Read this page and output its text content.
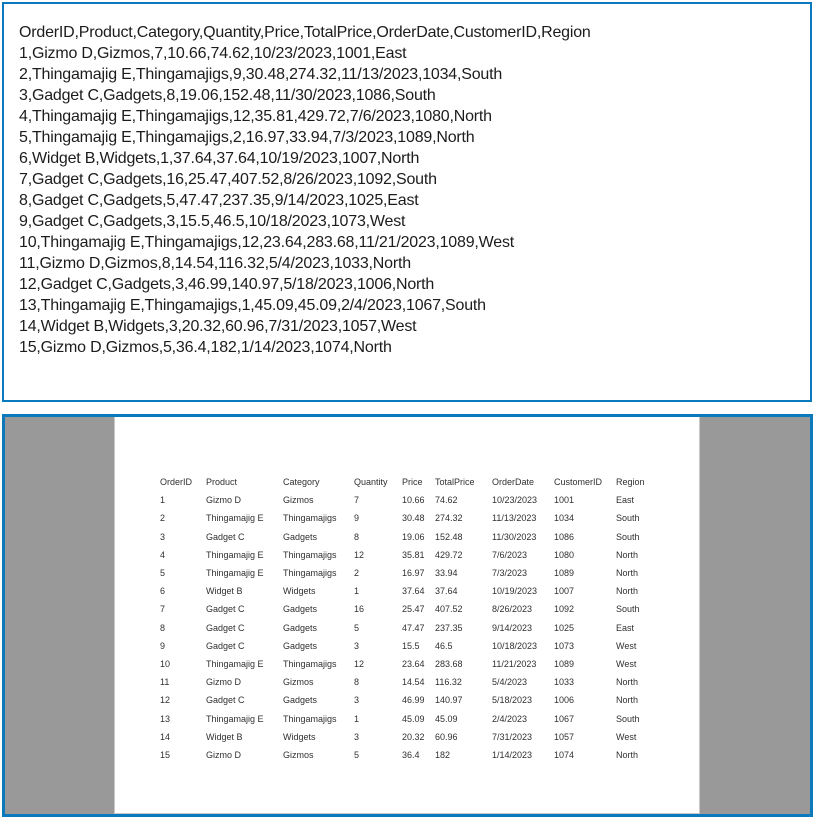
OrderID,Product,Category,Quantity,Price,TotalPrice,OrderDate,CustomerID,Region
1,Gizmo D,Gizmos,7,10.66,74.62,10/23/2023,1001,East
2,Thingamajig E,Thingamajigs,9,30.48,274.32,11/13/2023,1034,South
3,Gadget C,Gadgets,8,19.06,152.48,11/30/2023,1086,South
4,Thingamajig E,Thingamajigs,12,35.81,429.72,7/6/2023,1080,North
5,Thingamajig E,Thingamajigs,2,16.97,33.94,7/3/2023,1089,North
6,Widget B,Widgets,1,37.64,37.64,10/19/2023,1007,North
7,Gadget C,Gadgets,16,25.47,407.52,8/26/2023,1092,South
8,Gadget C,Gadgets,5,47.47,237.35,9/14/2023,1025,East
9,Gadget C,Gadgets,3,15.5,46.5,10/18/2023,1073,West
10,Thingamajig E,Thingamajigs,12,23.64,283.68,11/21/2023,1089,West
11,Gizmo D,Gizmos,8,14.54,116.32,5/4/2023,1033,North
12,Gadget C,Gadgets,3,46.99,140.97,5/18/2023,1006,North
13,Thingamajig E,Thingamajigs,1,45.09,45.09,2/4/2023,1067,South
14,Widget B,Widgets,3,20.32,60.96,7/31/2023,1057,West
15,Gizmo D,Gizmos,5,36.4,182,1/14/2023,1074,North
OrderID	Product	Category	Quantity	Price	TotalPrice	OrderDate	CustomerID	Region
1	Gizmo D	Gizmos	7	10.66	74.62	10/23/2023	1001	East
2	Thingamajig E	Thingamajigs	9	30.48	274.32	11/13/2023	1034	South
3	Gadget C	Gadgets	8	19.06	152.48	11/30/2023	1086	South
4	Thingamajig E	Thingamajigs	12	35.81	429.72	7/6/2023	1080	North
5	Thingamajig E	Thingamajigs	2	16.97	33.94	7/3/2023	1089	North
6	Widget B	Widgets	1	37.64	37.64	10/19/2023	1007	North
7	Gadget C	Gadgets	16	25.47	407.52	8/26/2023	1092	South
8	Gadget C	Gadgets	5	47.47	237.35	9/14/2023	1025	East
9	Gadget C	Gadgets	3	15.5	46.5	10/18/2023	1073	West
10	Thingamajig E	Thingamajigs	12	23.64	283.68	11/21/2023	1089	West
11	Gizmo D	Gizmos	8	14.54	116.32	5/4/2023	1033	North
12	Gadget C	Gadgets	3	46.99	140.97	5/18/2023	1006	North
13	Thingamajig E	Thingamajigs	1	45.09	45.09	2/4/2023	1067	South
14	Widget B	Widgets	3	20.32	60.96	7/31/2023	1057	West
15	Gizmo D	Gizmos	5	36.4	182	1/14/2023	1074	North
